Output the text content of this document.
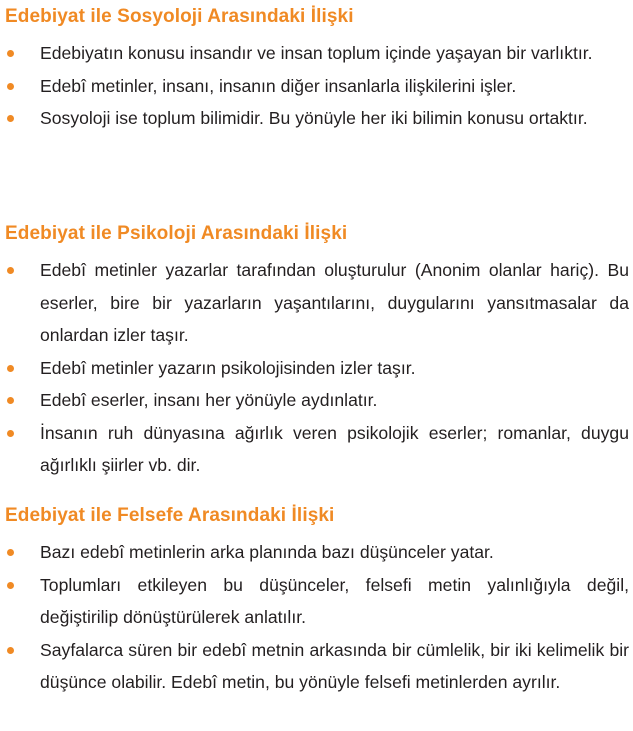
Edebiyat ile Sosyoloji Arasındaki İlişki
Edebiyatın konusu insandır ve insan toplum içinde yaşayan bir varlıktır.
Edebî metinler, insanı, insanın diğer insanlarla ilişkilerini işler.
Sosyoloji ise toplum bilimidir. Bu yönüyle her iki bilimin konusu ortaktır.
Edebiyat ile Psikoloji Arasındaki İlişki
Edebî metinler yazarlar tarafından oluşturulur (Anonim olanlar hariç). Bu eserler, bire bir yazarların yaşantılarını, duygularını yansıtmasalar da onlardan izler taşır.
Edebî metinler yazarın psikolojisinden izler taşır.
Edebî eserler, insanı her yönüyle aydınlatır.
İnsanın ruh dünyasına ağırlık veren psikolojik eserler; romanlar, duygu ağırlıklı şiirler vb. dir.
Edebiyat ile Felsefe Arasındaki İlişki
Bazı edebî metinlerin arka planında bazı düşünceler yatar.
Toplumları etkileyen bu düşünceler, felsefi metin yalınlığıyla değil, değiştirilip dönüştürülerek anlatılır.
Sayfalarca süren bir edebî metnin arkasında bir cümlelik, bir iki kelimelik bir düşünce olabilir. Edebî metin, bu yönüyle felsefi metinlerden ayrılır.
